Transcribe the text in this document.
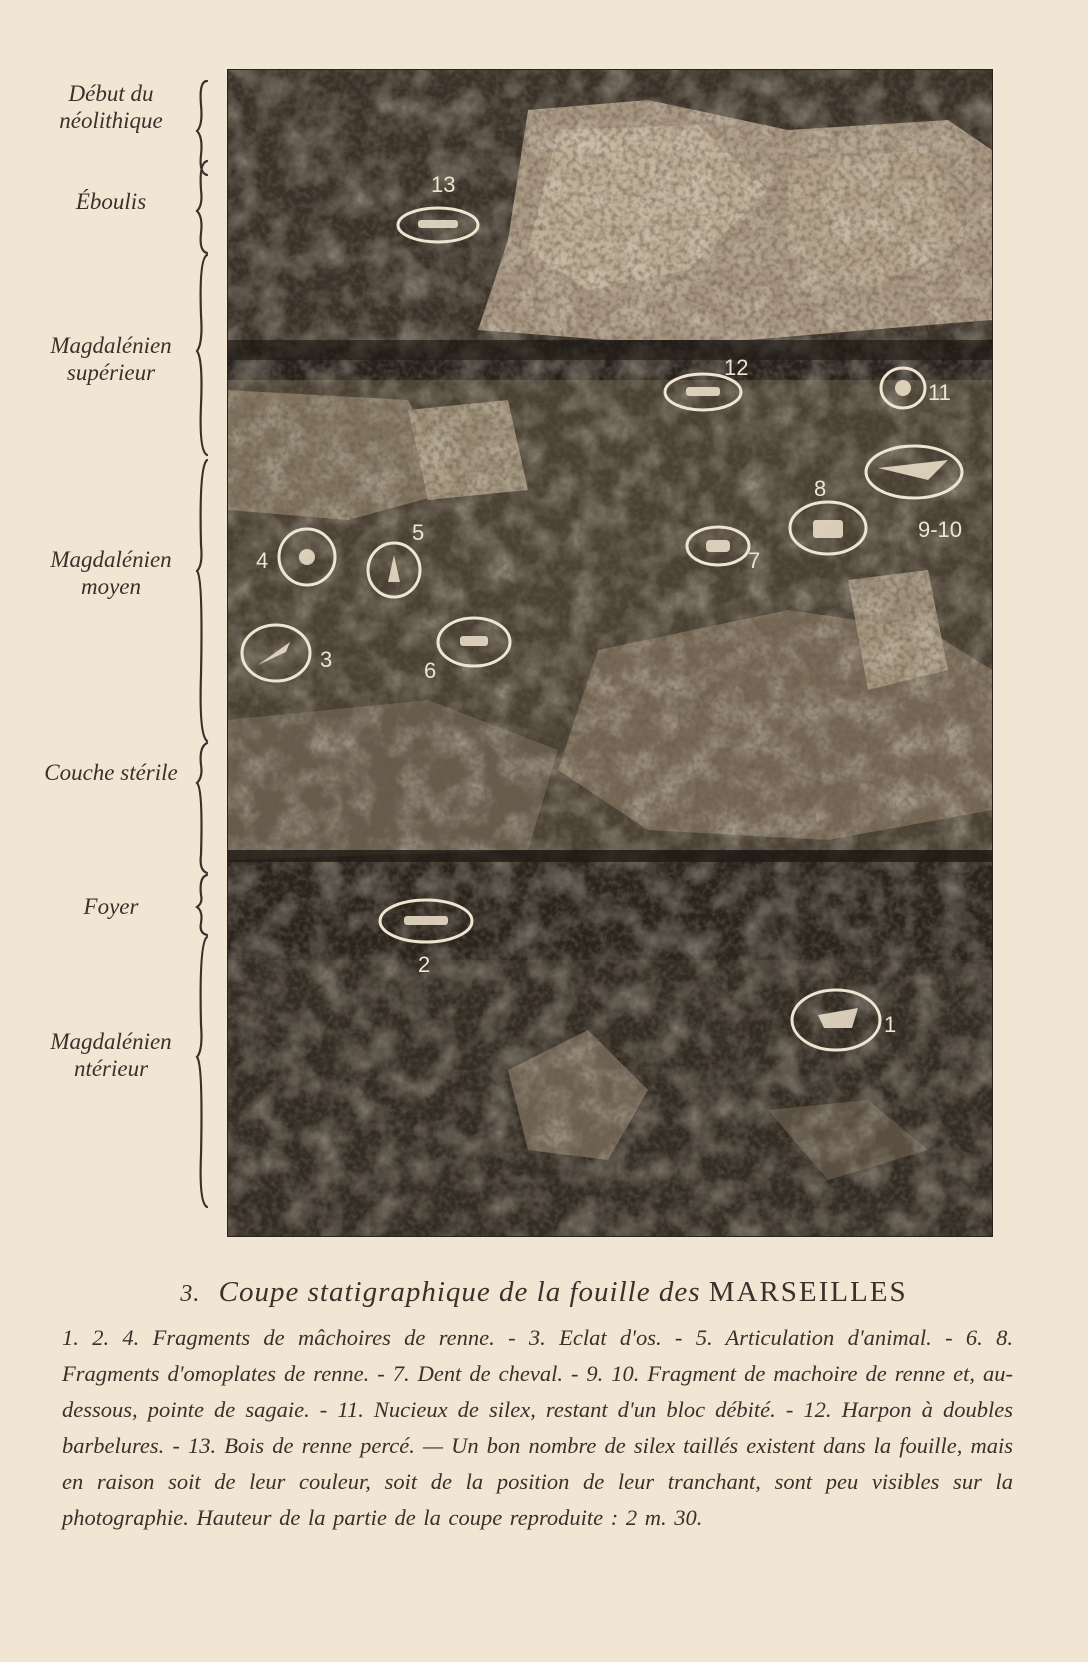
Début du
néolithique
Éboulis
Magdalénien
supérieur
Magdalénien
moyen
Couche stérile
Foyer
Magdalénien
ntérieur
13
12
11
9-10
8
7
4
5
3	6
2
1
3. Coupe statigraphique de la fouille des MARSEILLES
1. 2. 4. Fragments de mâchoires de renne. - 3. Eclat d'os. - 5. Articulation d'animal. - 6. 8. Fragments d'omoplates de renne. - 7. Dent de cheval. - 9. 10. Fragment de machoire de renne et, au-dessous, pointe de sagaie. - 11. Nucieux de silex, restant d'un bloc débité. - 12. Harpon à doubles barbelures. - 13. Bois de renne percé. — Un bon nombre de silex taillés existent dans la fouille, mais en raison soit de leur couleur, soit de la position de leur tranchant, sont peu visibles sur la photographie. Hauteur de la partie de la coupe reproduite : 2 m. 30.
